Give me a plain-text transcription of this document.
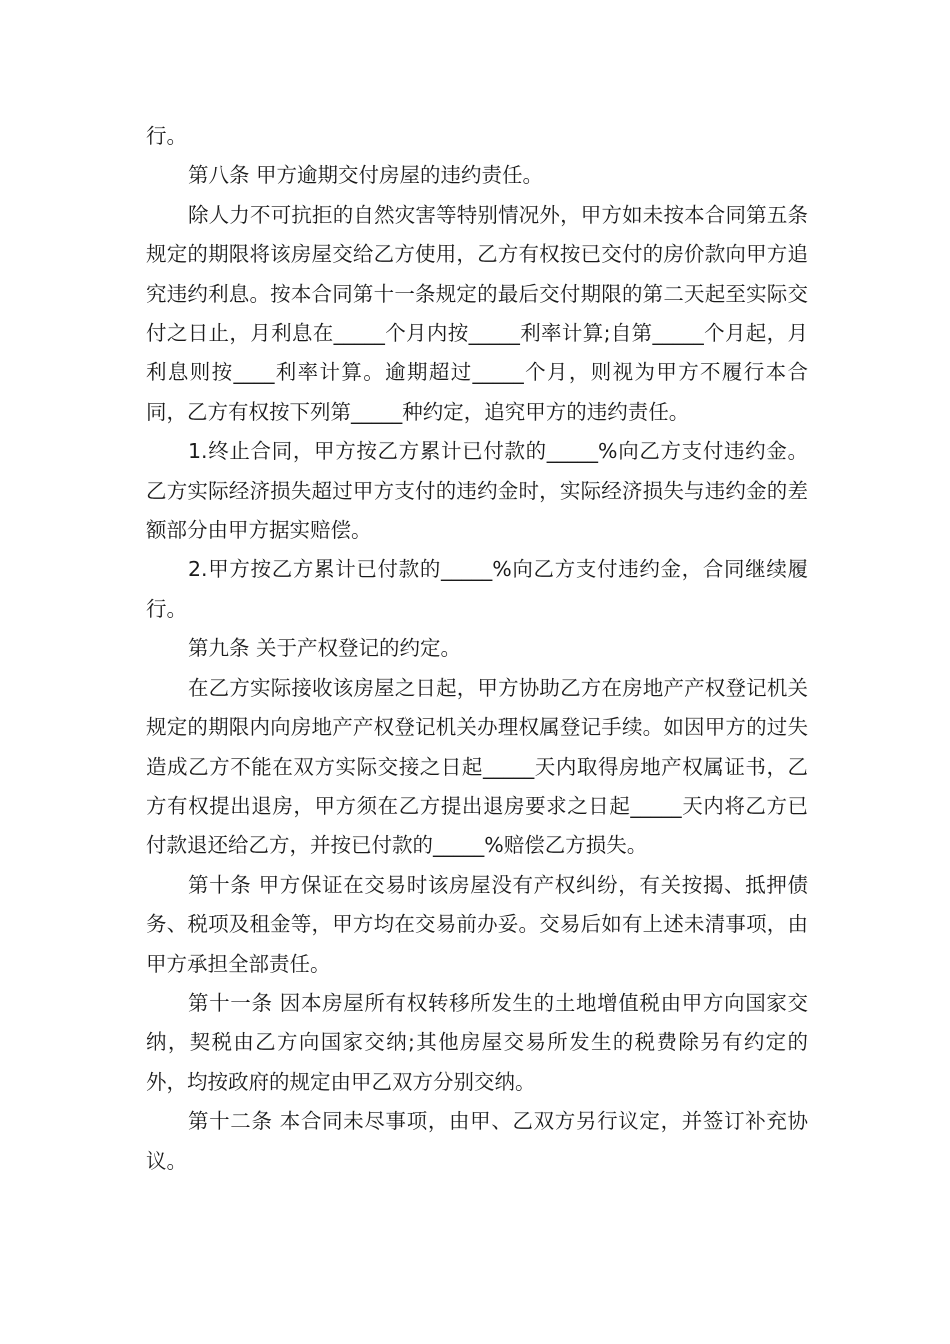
行。

第八条 甲方逾期交付房屋的违约责任。

除人力不可抗拒的自然灾害等特别情况外，甲方如未按本合同第五条规定的期限将该房屋交给乙方使用，乙方有权按已交付的房价款向甲方追究违约利息。按本合同第十一条规定的最后交付期限的第二天起至实际交付之日止，月利息在_____个月内按_____利率计算;自第_____个月起，月利息则按____利率计算。逾期超过_____个月，则视为甲方不履行本合同，乙方有权按下列第_____种约定，追究甲方的违约责任。

1.终止合同，甲方按乙方累计已付款的_____%向乙方支付违约金。乙方实际经济损失超过甲方支付的违约金时，实际经济损失与违约金的差额部分由甲方据实赔偿。

2.甲方按乙方累计已付款的_____%向乙方支付违约金，合同继续履行。

第九条 关于产权登记的约定。

在乙方实际接收该房屋之日起，甲方协助乙方在房地产产权登记机关规定的期限内向房地产产权登记机关办理权属登记手续。如因甲方的过失造成乙方不能在双方实际交接之日起_____天内取得房地产权属证书，乙方有权提出退房，甲方须在乙方提出退房要求之日起_____天内将乙方已付款退还给乙方，并按已付款的_____%赔偿乙方损失。

第十条 甲方保证在交易时该房屋没有产权纠纷，有关按揭、抵押债务、税项及租金等，甲方均在交易前办妥。交易后如有上述未清事项，由甲方承担全部责任。

第十一条 因本房屋所有权转移所发生的土地增值税由甲方向国家交纳，契税由乙方向国家交纳;其他房屋交易所发生的税费除另有约定的外，均按政府的规定由甲乙双方分别交纳。

第十二条 本合同未尽事项，由甲、乙双方另行议定，并签订补充协议。
